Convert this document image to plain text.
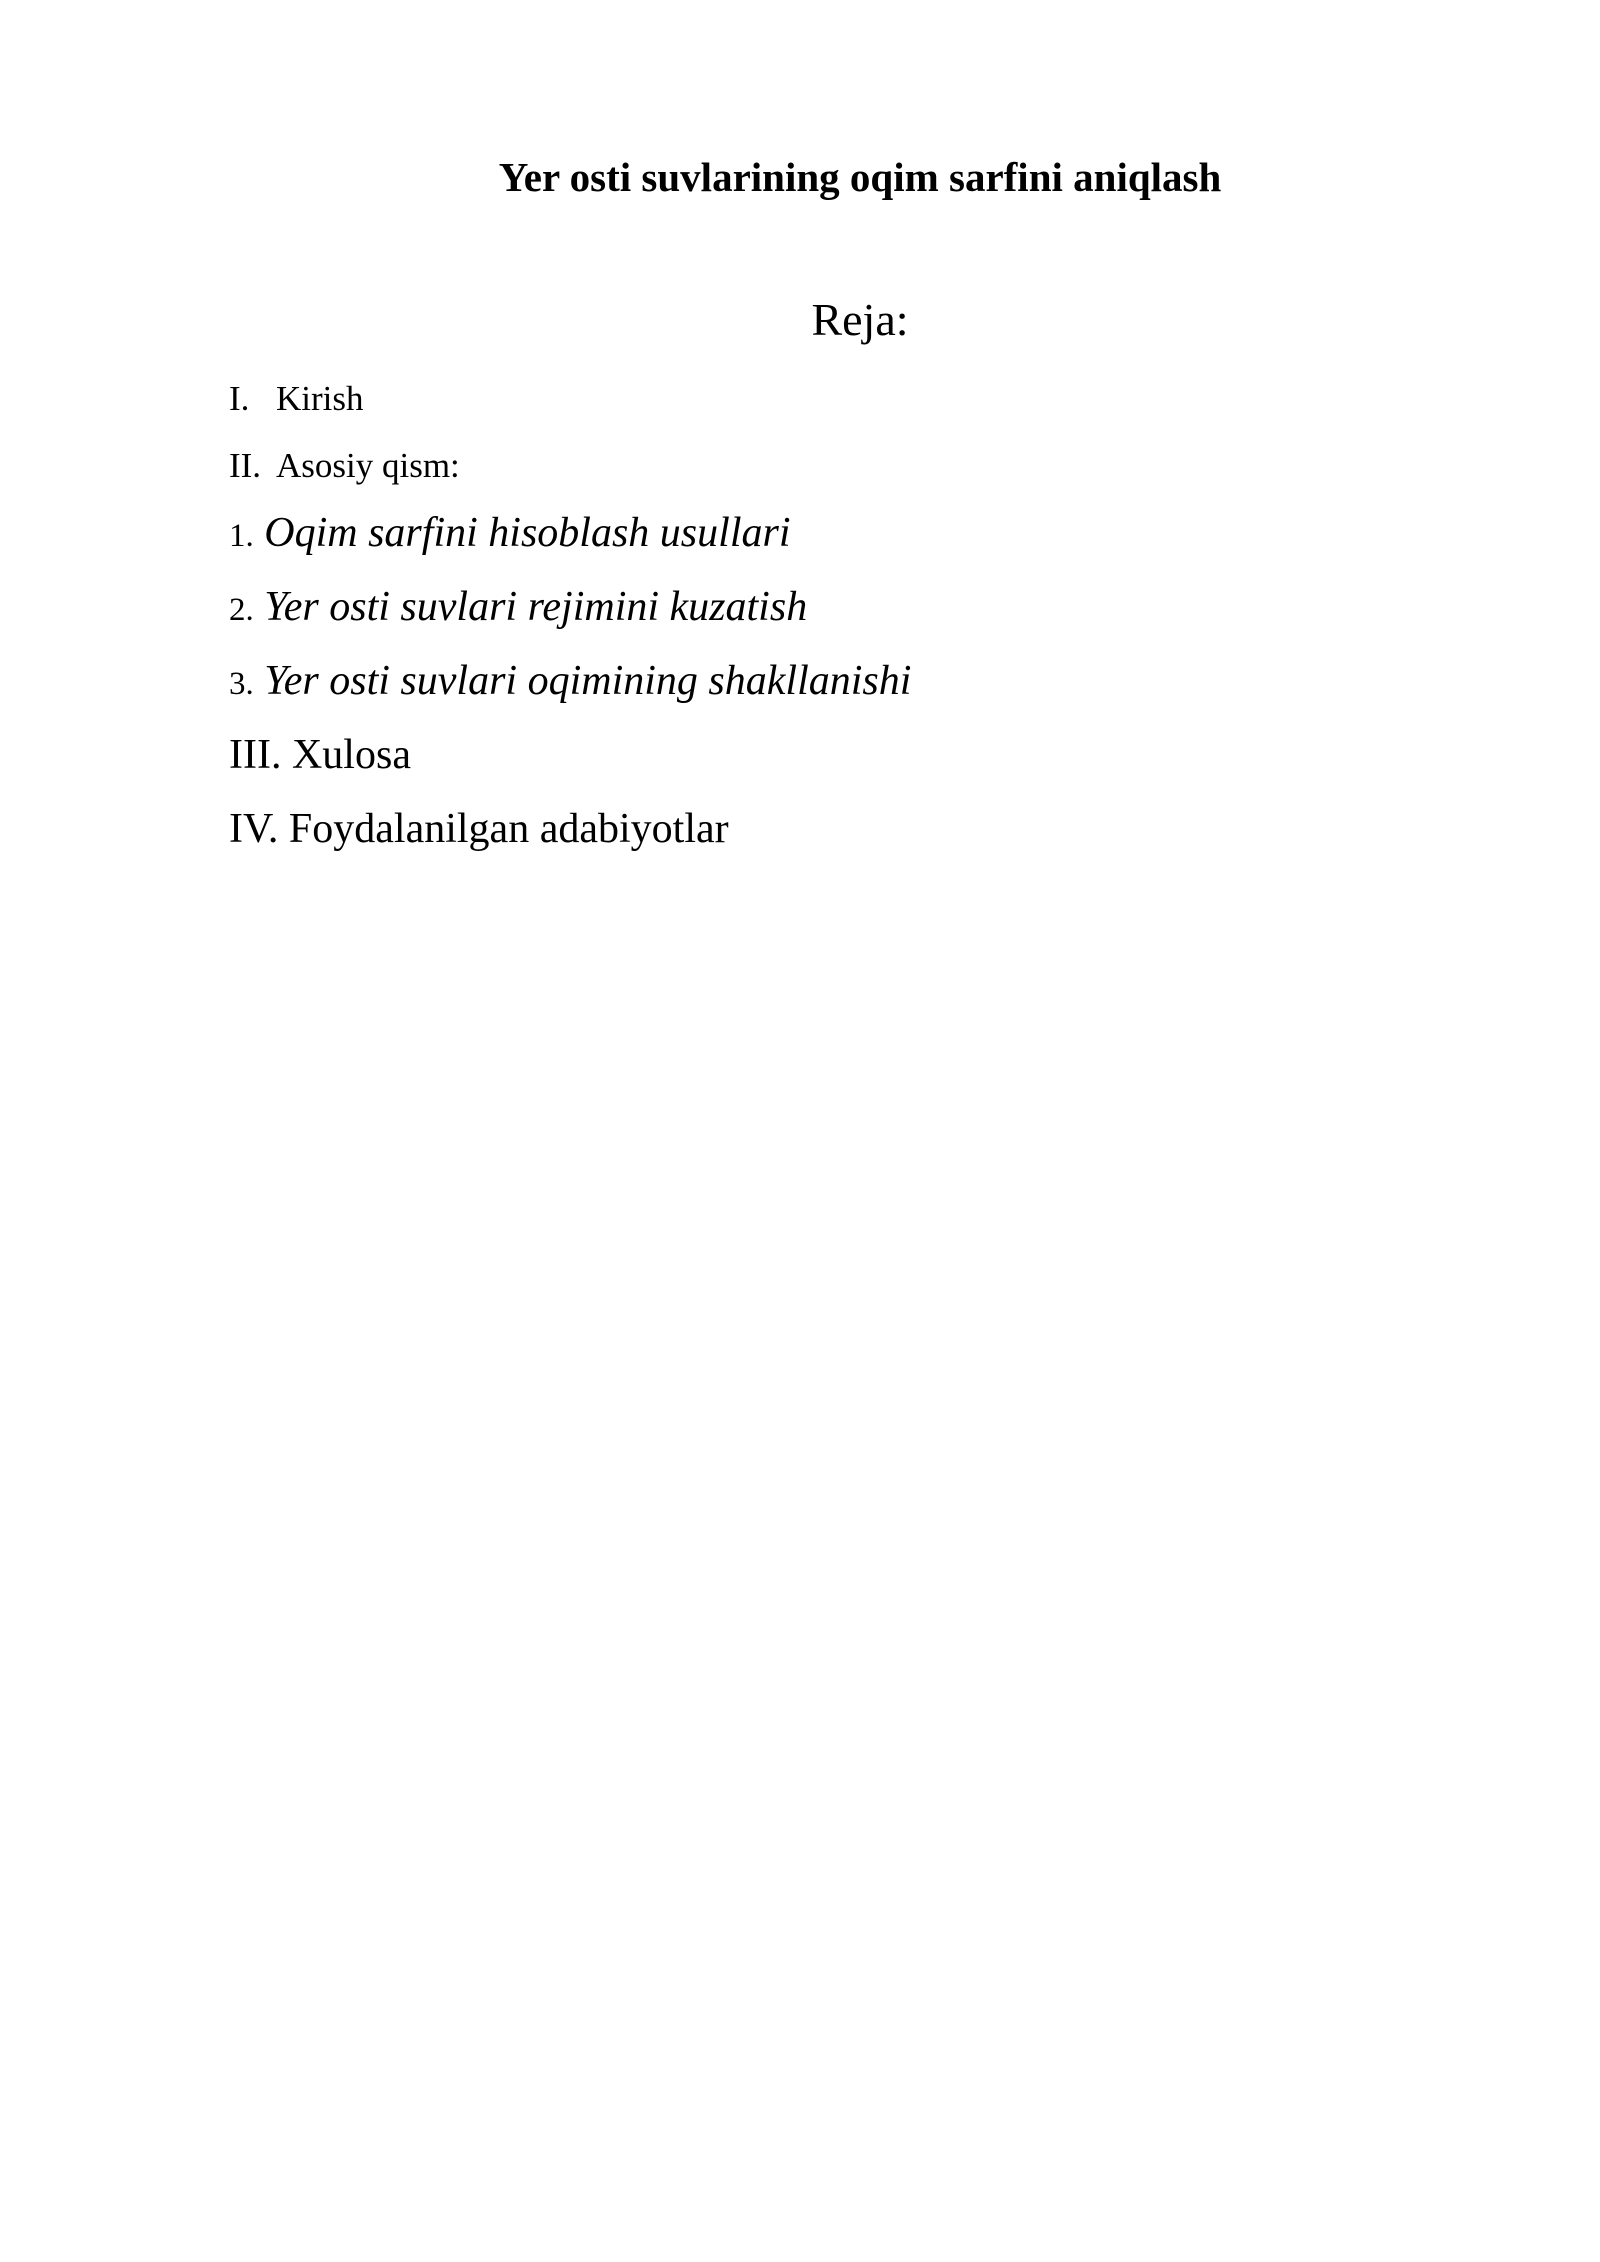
Yer osti suvlarining oqim sarfini aniqlash
Reja:
I. Kirish
II. Asosiy qism:
1. Oqim sarfini hisoblash usullari
2. Yer osti suvlari rejimini kuzatish
3. Yer osti suvlari oqimining shakllanishi
III. Xulosa
IV. Foydalanilgan adabiyotlar
